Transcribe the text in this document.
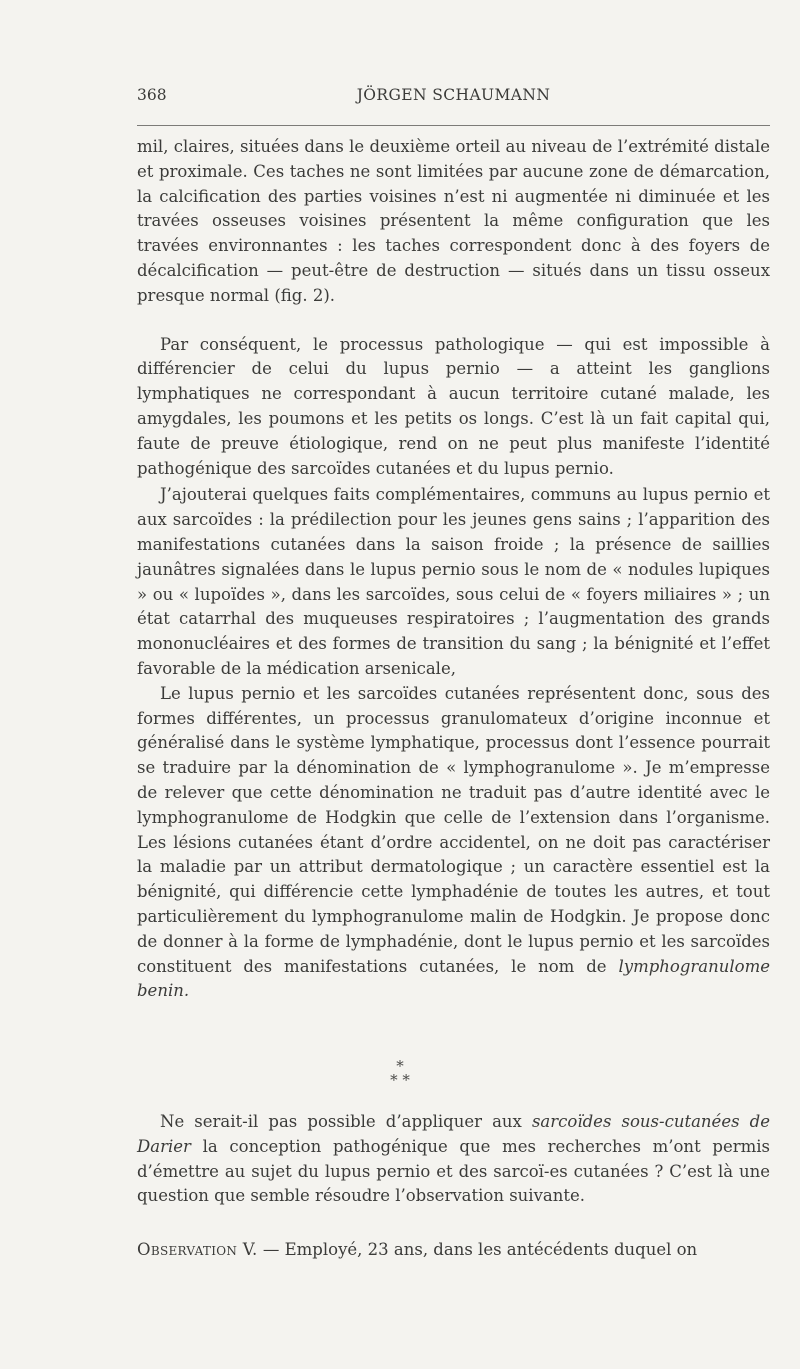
368	JÖRGEN SCHAUMANN

mil, claires, situées dans le deuxième orteil au niveau de l’extrémité distale et proximale. Ces taches ne sont limitées par aucune zone de démarcation, la calcification des parties voisines n’est ni augmentée ni diminuée et les travées osseuses voisines présentent la même configuration que les travées environnantes : les taches correspondent donc à des foyers de décalcification — peut-être de destruction — situés dans un tissu osseux presque normal (fig. 2).

Par conséquent, le processus pathologique — qui est impossible à différencier de celui du lupus pernio — a atteint les ganglions lymphatiques ne correspondant à aucun territoire cutané malade, les amygdales, les poumons et les petits os longs. C’est là un fait capital qui, faute de preuve étiologique, rend on ne peut plus manifeste l’identité pathogénique des sarcoïdes cutanées et du lupus pernio.

J’ajouterai quelques faits complémentaires, communs au lupus pernio et aux sarcoïdes : la prédilection pour les jeunes gens sains ; l’apparition des manifestations cutanées dans la saison froide ; la présence de saillies jaunâtres signalées dans le lupus pernio sous le nom de « nodules lupiques » ou « lupoïdes », dans les sarcoïdes, sous celui de « foyers miliaires » ; un état catarrhal des muqueuses respiratoires ; l’augmentation des grands mononucléaires et des formes de transition du sang ; la bénignité et l’effet favorable de la médication arsenicale,

Le lupus pernio et les sarcoïdes cutanées représentent donc, sous des formes différentes, un processus granulomateux d’origine inconnue et généralisé dans le système lymphatique, processus dont l’essence pourrait se traduire par la dénomination de « lymphogranulome ». Je m’empresse de relever que cette dénomination ne traduit pas d’autre identité avec le lymphogranulome de Hodgkin que celle de l’extension dans l’organisme. Les lésions cutanées étant d’ordre accidentel, on ne doit pas caractériser la maladie par un attribut dermatologique ; un caractère essentiel est la bénignité, qui différencie cette lymphadénie de toutes les autres, et tout particulièrement du lymphogranulome malin de Hodgkin. Je propose donc de donner à la forme de lymphadénie, dont le lupus pernio et les sarcoïdes constituent des manifestations cutanées, le nom de lymphogranulome benin.

*
* *

Ne serait-il pas possible d’appliquer aux sarcoïdes sous-cutanées de Darier la conception pathogénique que mes recherches m’ont permis d’émettre au sujet du lupus pernio et des sarcoï-es cutanées ? C’est là une question que semble résoudre l’observation suivante.

Observation V. — Employé, 23 ans, dans les antécédents duquel on
